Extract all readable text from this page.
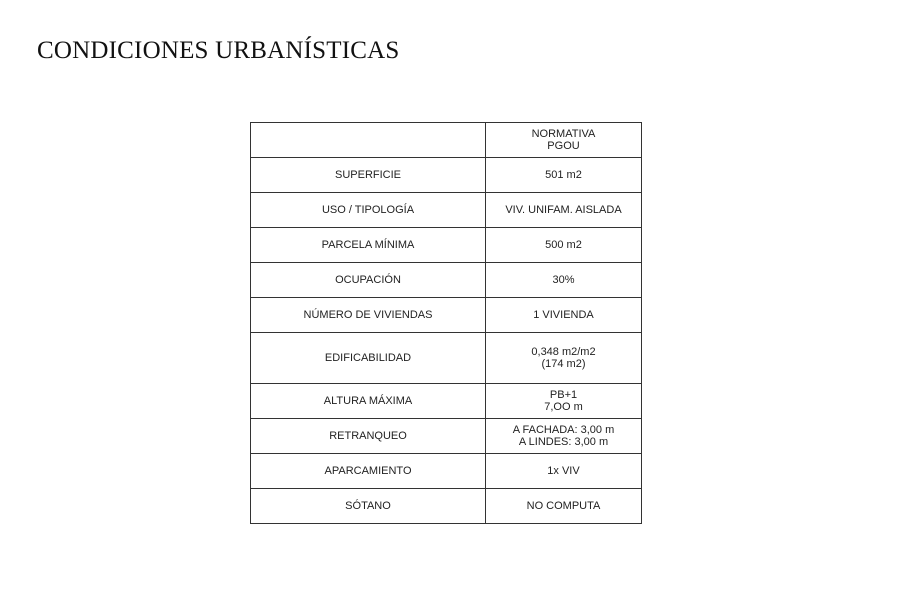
CONDICIONES URBANÍSTICAS
	NORMATIVA
PGOU
SUPERFICIE	501 m2
USO / TIPOLOGÍA	VIV. UNIFAM. AISLADA
PARCELA MÍNIMA	500 m2
OCUPACIÓN	30%
NÚMERO DE VIVIENDAS	1 VIVIENDA
EDIFICABILIDAD	0,348 m2/m2
(174 m2)
ALTURA MÁXIMA	PB+1
7,OO m
RETRANQUEO	A FACHADA: 3,00 m
A LINDES: 3,00 m
APARCAMIENTO	1x VIV
SÓTANO	NO COMPUTA
